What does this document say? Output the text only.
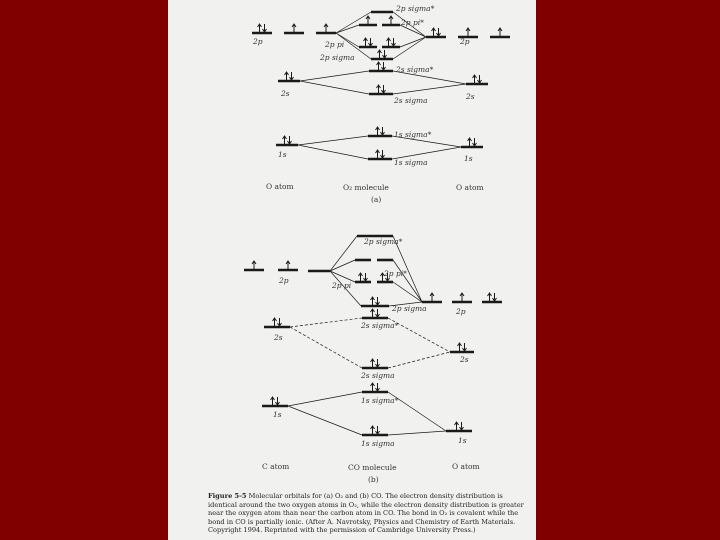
2p	2p
2p sigma*
2p pi*
2p pi
2p sigma
2s	2s
2s sigma*
2s sigma
1s	1s
1s sigma*
1s sigma
O atom	O₂ molecule	O atom
(a)
2p sigma*
2p pi*
2p pi
2p sigma
2p
2p
2s
2s
2s sigma*
2s sigma
1s
1s
1s sigma*
1s sigma
C atom	CO molecule	O atom
(b)
Figure 5-5 Molecular orbitals for (a) O₂ and (b) CO. The electron density distribution is identical around the two oxygen atoms in O₂, while the electron density distribution is greater near the oxygen atom than near the carbon atom in CO. The bond in O₂ is covalent while the bond in CO is partially ionic. (After A. Navrotsky, Physics and Chemistry of Earth Materials. Copyright 1994. Reprinted with the permission of Cambridge University Press.)
